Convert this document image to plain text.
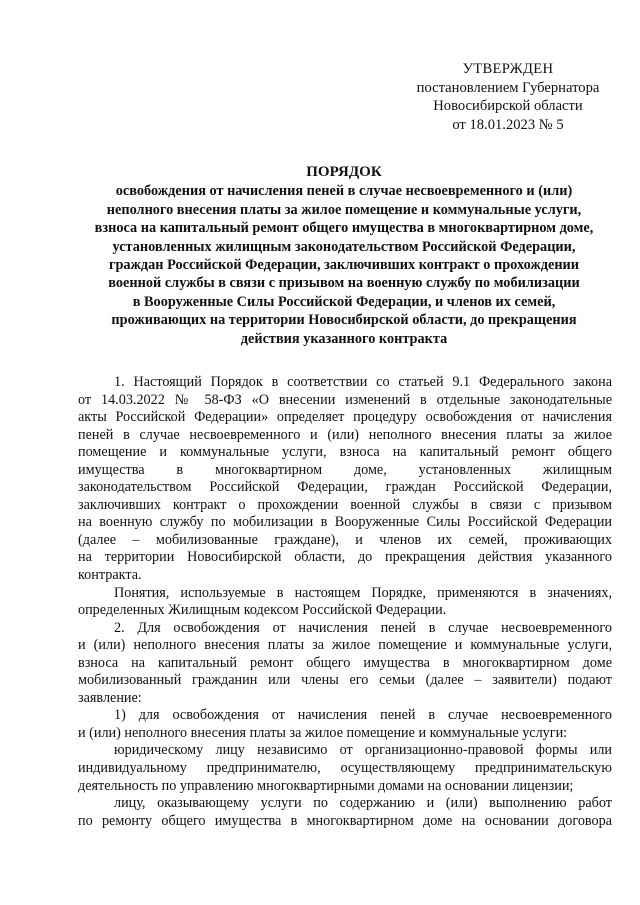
УТВЕРЖДЕН
постановлением Губернатора
Новосибирской области
от 18.01.2023 № 5
ПОРЯДОК
освобождения от начисления пеней в случае несвоевременного и (или)
неполного внесения платы за жилое помещение и коммунальные услуги,
взноса на капитальный ремонт общего имущества в многоквартирном доме,
установленных жилищным законодательством Российской Федерации,
граждан Российской Федерации, заключивших контракт о прохождении
военной службы в связи с призывом на военную службу по мобилизации
в Вооруженные Силы Российской Федерации, и членов их семей,
проживающих на территории Новосибирской области, до прекращения
действия указанного контракта

1. Настоящий Порядок в соответствии со статьей 9.1 Федерального закона
от 14.03.2022 № 58-ФЗ «О внесении изменений в отдельные законодательные
акты Российской Федерации» определяет процедуру освобождения от начисления
пеней в случае несвоевременного и (или) неполного внесения платы за жилое
помещение и коммунальные услуги, взноса на капитальный ремонт общего
имущества в многоквартирном доме, установленных жилищным
законодательством Российской Федерации, граждан Российской Федерации,
заключивших контракт о прохождении военной службы в связи с призывом
на военную службу по мобилизации в Вооруженные Силы Российской Федерации
(далее – мобилизованные граждане), и членов их семей, проживающих
на территории Новосибирской области, до прекращения действия указанного
контракта.

Понятия, используемые в настоящем Порядке, применяются в значениях,
определенных Жилищным кодексом Российской Федерации.

2. Для освобождения от начисления пеней в случае несвоевременного
и (или) неполного внесения платы за жилое помещение и коммунальные услуги,
взноса на капитальный ремонт общего имущества в многоквартирном доме
мобилизованный гражданин или члены его семьи (далее – заявители) подают
заявление:

1) для освобождения от начисления пеней в случае несвоевременного
и (или) неполного внесения платы за жилое помещение и коммунальные услуги:

юридическому лицу независимо от организационно-правовой формы или
индивидуальному предпринимателю, осуществляющему предпринимательскую
деятельность по управлению многоквартирными домами на основании лицензии;

лицу, оказывающему услуги по содержанию и (или) выполнению работ
по ремонту общего имущества в многоквартирном доме на основании договора
